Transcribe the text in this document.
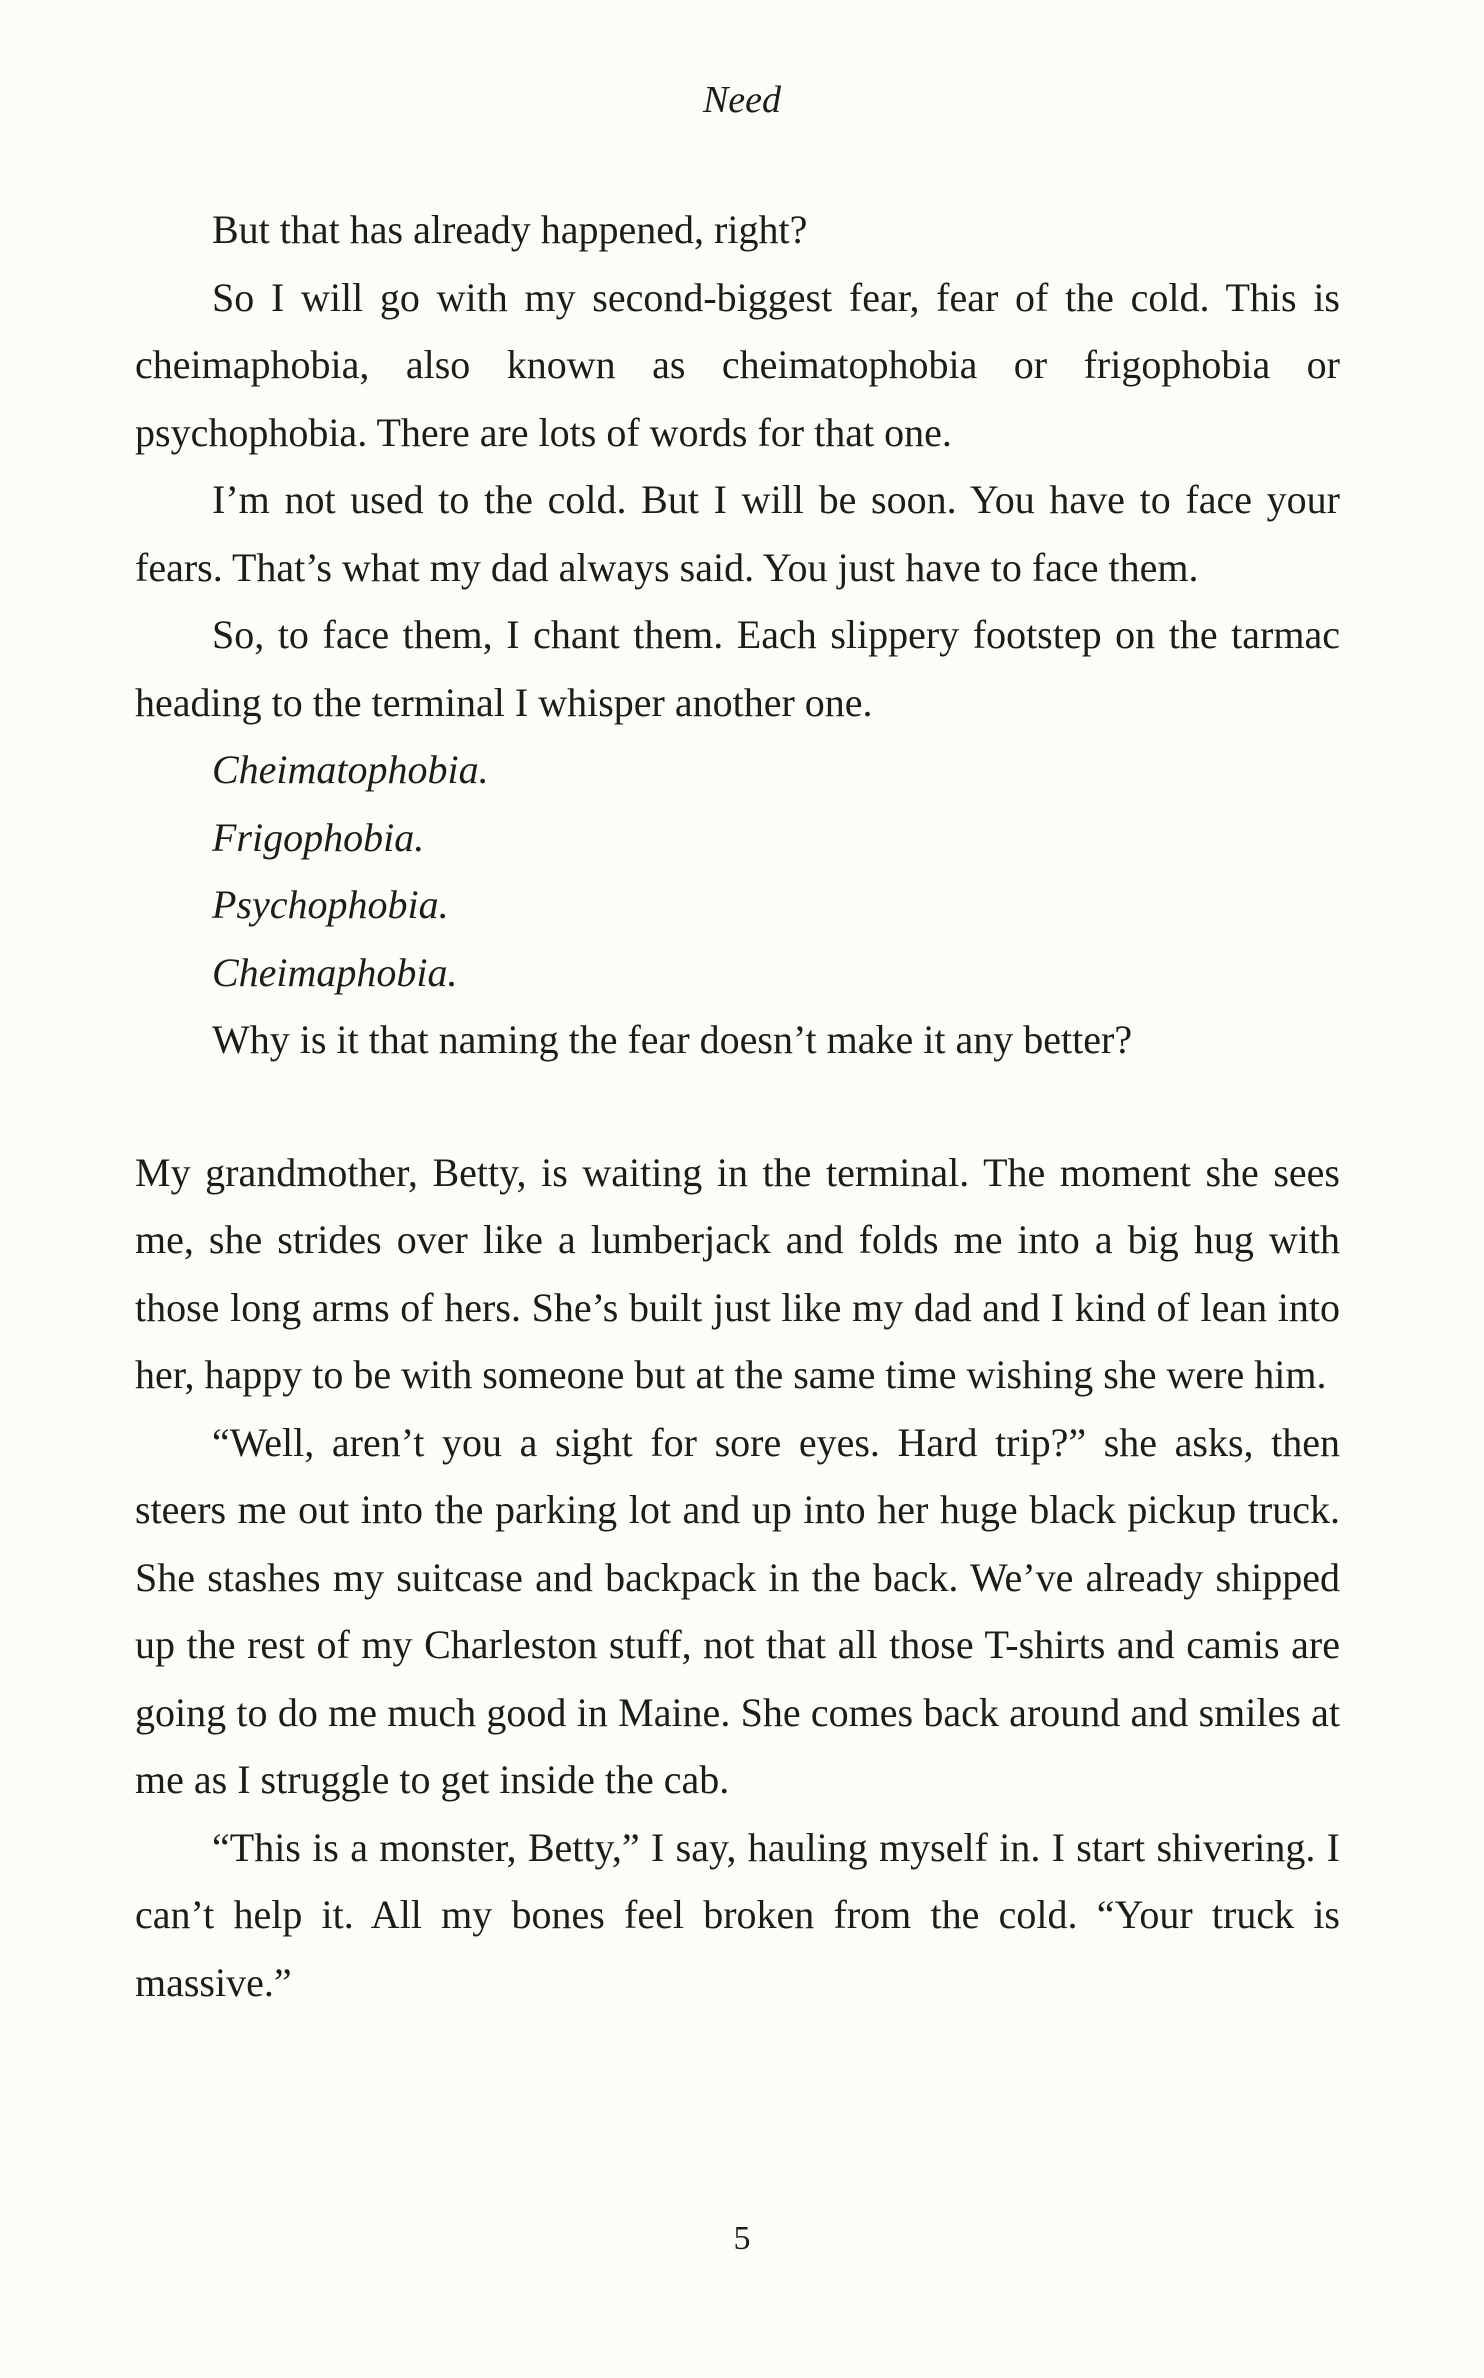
Need

But that has already happened, right?

So I will go with my second-biggest fear, fear of the cold. This is cheimaphobia, also known as cheimatophobia or frigophobia or psychophobia. There are lots of words for that one.

I’m not used to the cold. But I will be soon. You have to face your fears. That’s what my dad always said. You just have to face them.

So, to face them, I chant them. Each slippery footstep on the tarmac heading to the terminal I whisper another one.

Cheimatophobia.

Frigophobia.

Psychophobia.

Cheimaphobia.

Why is it that naming the fear doesn’t make it any better?

My grandmother, Betty, is waiting in the terminal. The moment she sees me, she strides over like a lumberjack and folds me into a big hug with those long arms of hers. She’s built just like my dad and I kind of lean into her, happy to be with someone but at the same time wishing she were him.

“Well, aren’t you a sight for sore eyes. Hard trip?” she asks, then steers me out into the parking lot and up into her huge black pickup truck. She stashes my suitcase and backpack in the back. We’ve already shipped up the rest of my Charleston stuff, not that all those T-shirts and camis are going to do me much good in Maine. She comes back around and smiles at me as I struggle to get inside the cab.

“This is a monster, Betty,” I say, hauling myself in. I start shivering. I can’t help it. All my bones feel broken from the cold. “Your truck is massive.”

5
